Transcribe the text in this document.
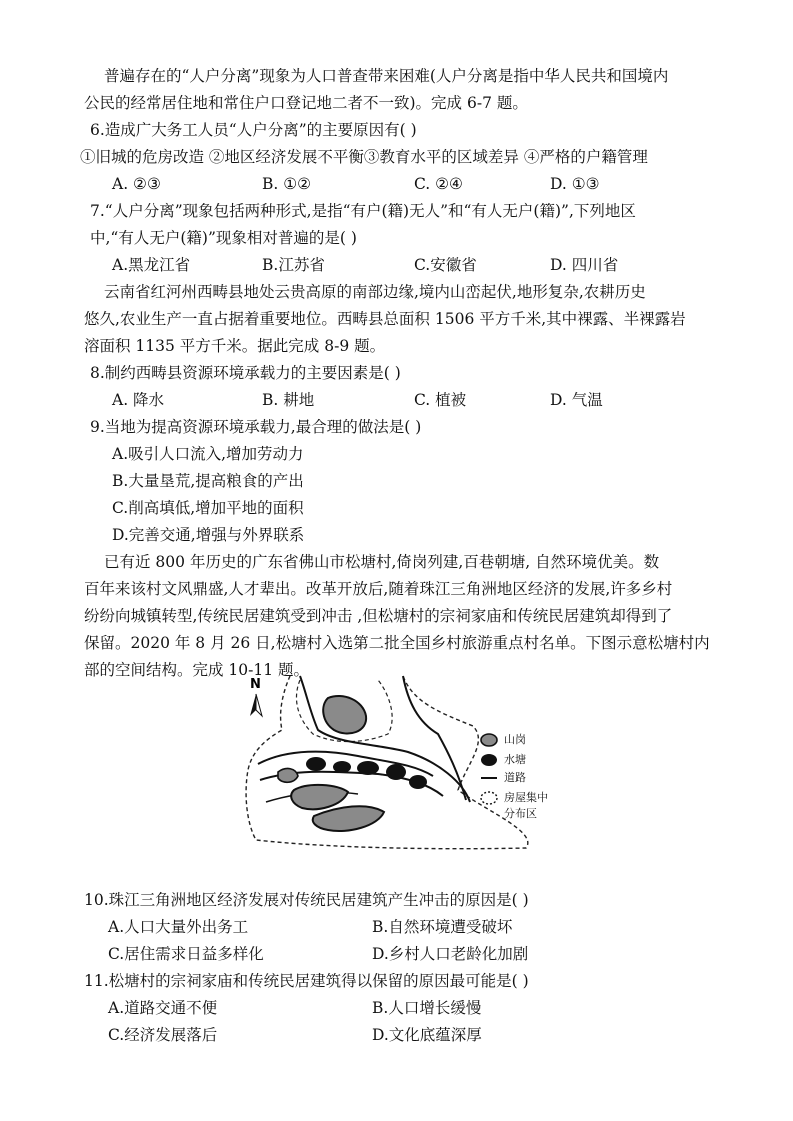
普遍存在的“人户分离”现象为人口普查带来困难(人户分离是指中华人民共和国境内
公民的经常居住地和常住户口登记地二者不一致)。完成 6-7 题。
6.造成广大务工人员“人户分离”的主要原因有( )
①旧城的危房改造 ②地区经济发展不平衡③教育水平的区域差异 ④严格的户籍管理
A. ②③	B. ①②	C. ②④	D. ①③
7.“人户分离”现象包括两种形式,是指“有户(籍)无人”和“有人无户(籍)”,下列地区
中,“有人无户(籍)”现象相对普遍的是( )
A.黑龙江省	B.江苏省	C.安徽省	D. 四川省
云南省红河州西畴县地处云贵高原的南部边缘,境内山峦起伏,地形复杂,农耕历史
悠久,农业生产一直占据着重要地位。西畴县总面积 1506 平方千米,其中裸露、半裸露岩
溶面积 1135 平方千米。据此完成 8-9 题。
8.制约西畴县资源环境承载力的主要因素是( )
A. 降水	B. 耕地	C. 植被	D. 气温
9.当地为提高资源环境承载力,最合理的做法是( )
A.吸引人口流入,增加劳动力
B.大量垦荒,提高粮食的产出
C.削高填低,增加平地的面积
D.完善交通,增强与外界联系
已有近 800 年历史的广东省佛山市松塘村,倚岗列建,百巷朝塘, 自然环境优美。数
百年来该村文风鼎盛,人才辈出。改革开放后,随着珠江三角洲地区经济的发展,许多乡村
纷纷向城镇转型,传统民居建筑受到冲击 ,但松塘村的宗祠家庙和传统民居建筑却得到了
保留。2020 年 8 月 26 日,松塘村入选第二批全国乡村旅游重点村名单。下图示意松塘村内
部的空间结构。完成 10-11 题。
N
山岗
水塘
道路
房屋集中
分布区
10.珠江三角洲地区经济发展对传统民居建筑产生冲击的原因是( )
A.人口大量外出务工	B.自然环境遭受破坏
C.居住需求日益多样化	D.乡村人口老龄化加剧
11.松塘村的宗祠家庙和传统民居建筑得以保留的原因最可能是( )
A.道路交通不便	B.人口增长缓慢
C.经济发展落后	D.文化底蕴深厚
